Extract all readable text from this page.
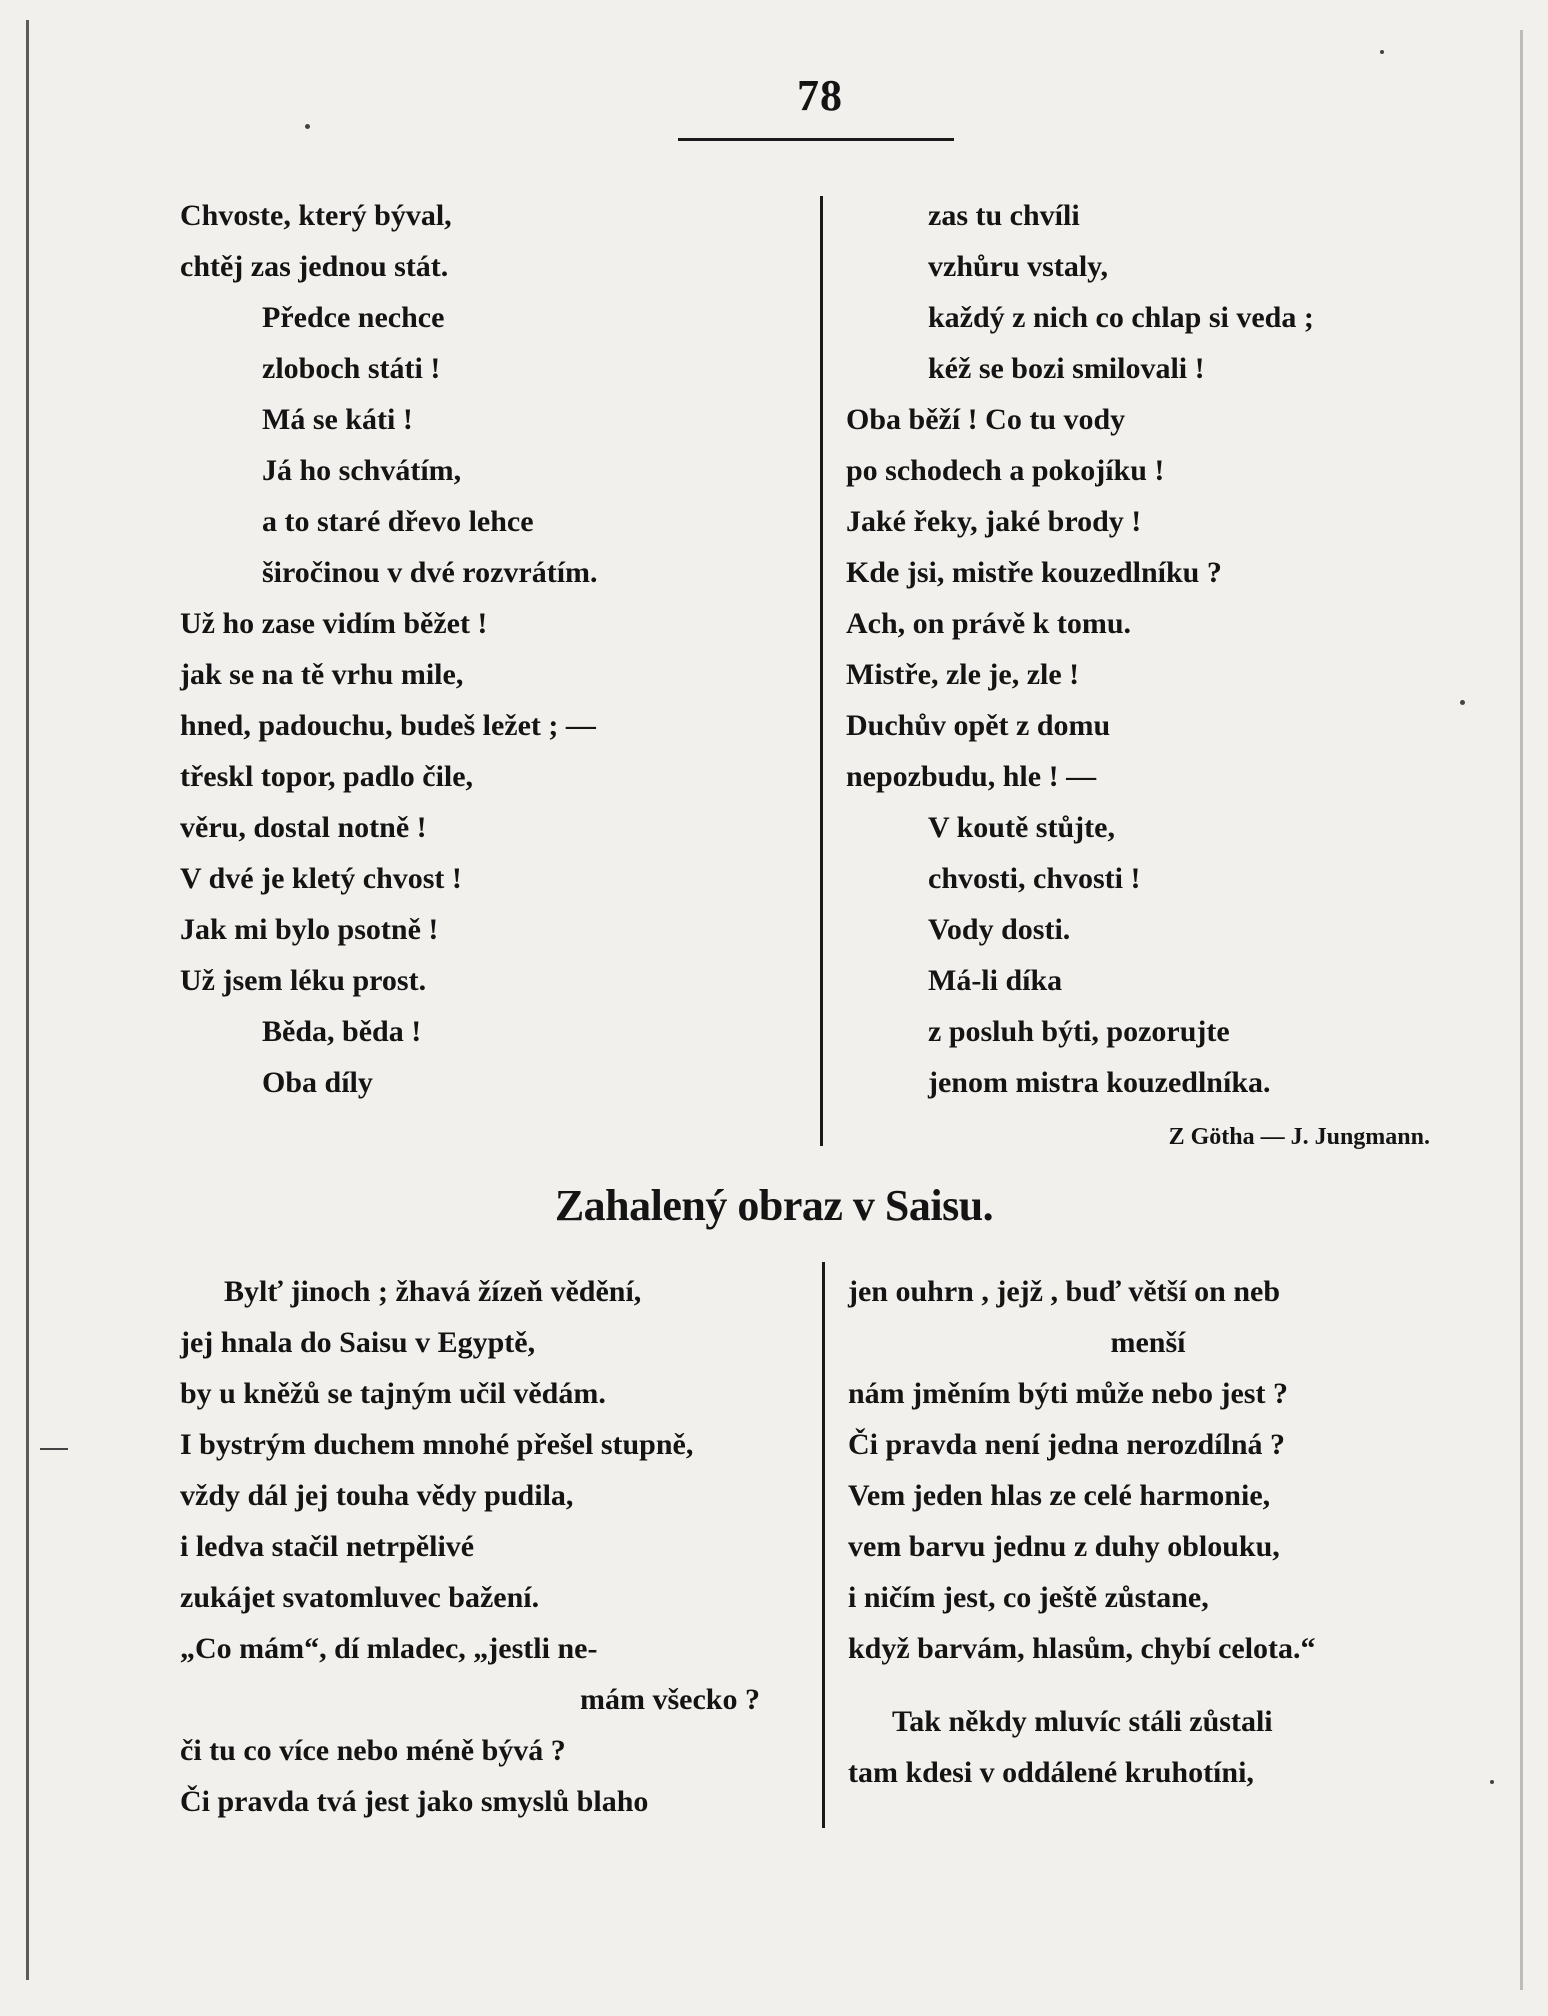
78
Chvoste, který býval,
chtěj zas jednou stát.
Předce nechce
zloboch státi !
Má se káti !
Já ho schvátím,
a to staré dřevo lehce
širočinou v dvé rozvrátím.
Už ho zase vidím běžet !
jak se na tě vrhu mile,
hned, padouchu, budeš ležet ; —
třeskl topor, padlo čile,
věru, dostal notně !
V dvé je kletý chvost !
Jak mi bylo psotně !
Už jsem léku prost.
Běda, běda !
Oba díly
zas tu chvíli
vzhůru vstaly,
každý z nich co chlap si veda ;
kéž se bozi smilovali !
Oba běží ! Co tu vody
po schodech a pokojíku !
Jaké řeky, jaké brody !
Kde jsi, mistře kouzedlníku ?
Ach, on právě k tomu.
Mistře, zle je, zle !
Duchův opět z domu
nepozbudu, hle ! —
V koutě stůjte,
chvosti, chvosti !
Vody dosti.
Má-li díka
z posluh býti, pozorujte
jenom mistra kouzedlníka.
Z Götha — J. Jungmann.
Zahalený obraz v Saisu.
Bylť jinoch ; žhavá žízeň vědění,
jej hnala do Saisu v Egyptě,
by u kněžů se tajným učil vědám.
I bystrým duchem mnohé přešel stupně,
vždy dál jej touha vědy pudila,
i ledva stačil netrpělivé
zukájet svatomluvec bažení.
„Co mám“, dí mladec, „jestli ne-
mám všecko ?
či tu co více nebo méně bývá ?
Či pravda tvá jest jako smyslů blaho
jen ouhrn , jejž , buď větší on neb
menší
nám jměním býti může nebo jest ?
Či pravda není jedna nerozdílná ?
Vem jeden hlas ze celé harmonie,
vem barvu jednu z duhy oblouku,
i ničím jest, co ještě zůstane,
když barvám, hlasům, chybí celota.“
Tak někdy mluvíc stáli zůstali
tam kdesi v oddálené kruhotíni,
